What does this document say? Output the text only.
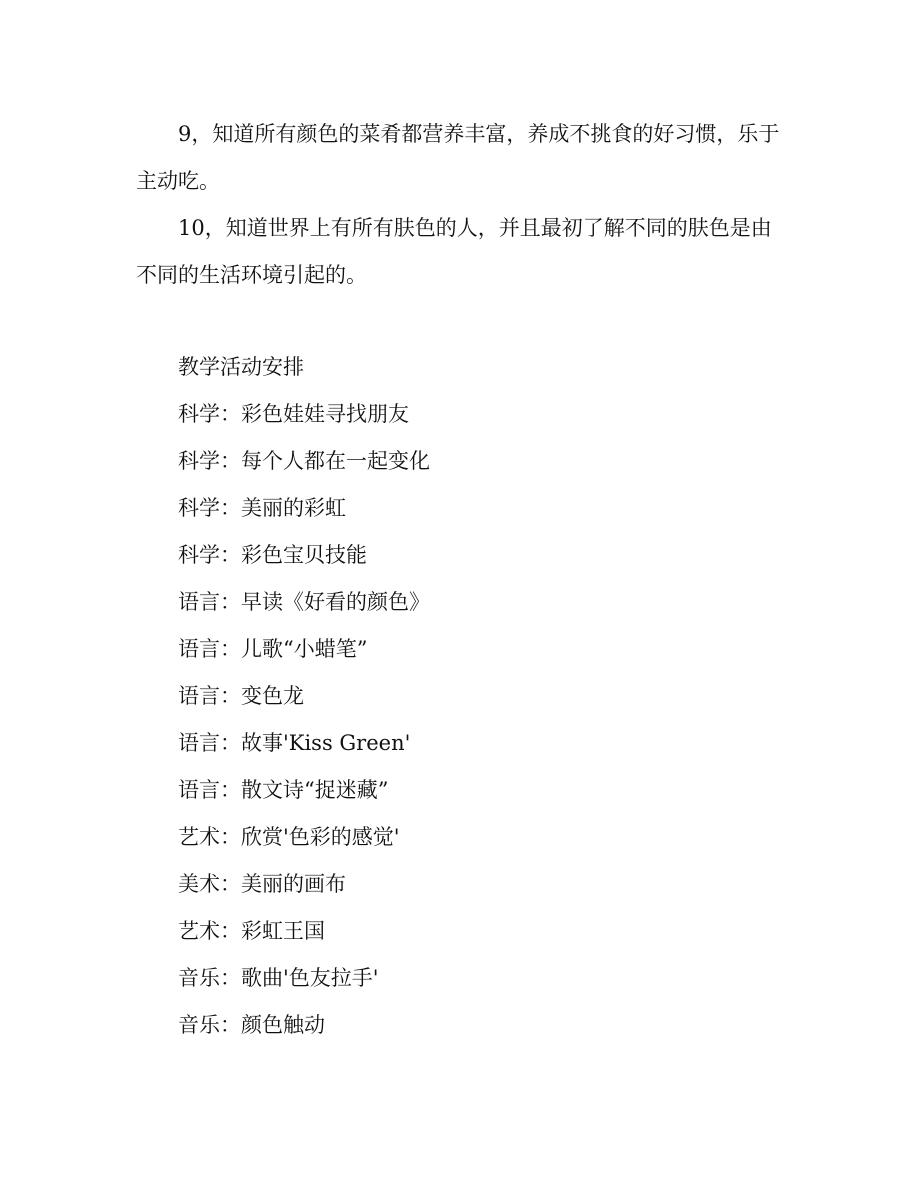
9，知道所有颜色的菜肴都营养丰富，养成不挑食的好习惯，乐于主动吃。

10，知道世界上有所有肤色的人，并且最初了解不同的肤色是由不同的生活环境引起的。

教学活动安排

科学：彩色娃娃寻找朋友

科学：每个人都在一起变化

科学：美丽的彩虹

科学：彩色宝贝技能

语言：早读《好看的颜色》

语言：儿歌“小蜡笔”

语言：变色龙

语言：故事'Kiss Green'

语言：散文诗“捉迷藏”

艺术：欣赏'色彩的感觉'

美术：美丽的画布

艺术：彩虹王国

音乐：歌曲'色友拉手'

音乐：颜色触动
